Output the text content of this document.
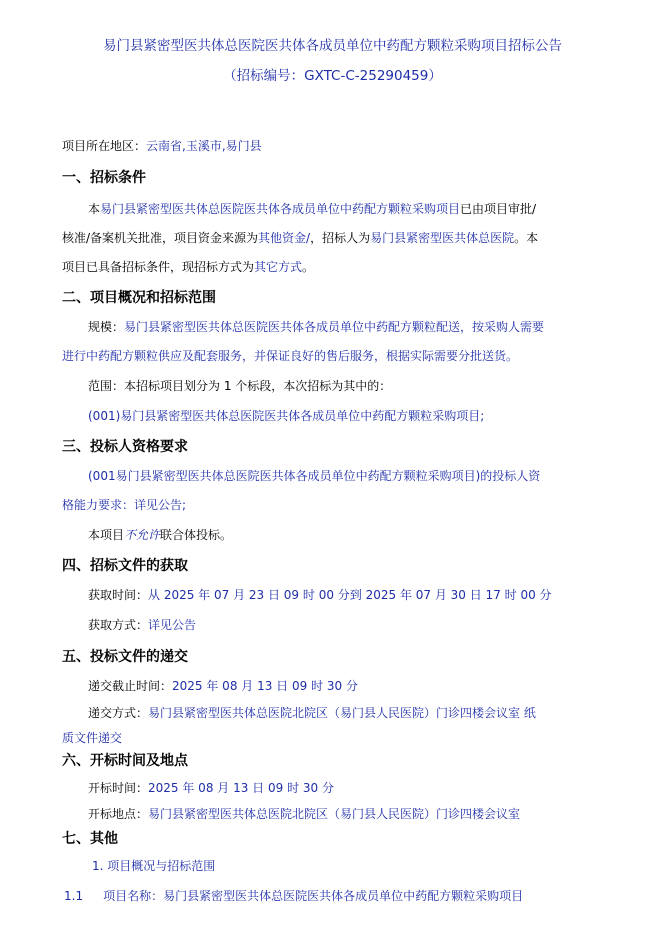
易门县紧密型医共体总医院医共体各成员单位中药配方颗粒采购项目招标公告
（招标编号：GXTC-C-25290459）
项目所在地区：云南省,玉溪市,易门县
一、招标条件
本易门县紧密型医共体总医院医共体各成员单位中药配方颗粒采购项目已由项目审批/
核准/备案机关批准，项目资金来源为其他资金/，招标人为易门县紧密型医共体总医院。本
项目已具备招标条件，现招标方式为其它方式。
二、项目概况和招标范围
规模：易门县紧密型医共体总医院医共体各成员单位中药配方颗粒配送，按采购人需要
进行中药配方颗粒供应及配套服务，并保证良好的售后服务，根据实际需要分批送货。
范围：本招标项目划分为 1 个标段，本次招标为其中的：
(001)易门县紧密型医共体总医院医共体各成员单位中药配方颗粒采购项目;
三、投标人资格要求
(001易门县紧密型医共体总医院医共体各成员单位中药配方颗粒采购项目)的投标人资
格能力要求：详见公告;
本项目不允许联合体投标。
四、招标文件的获取
获取时间：从 2025 年 07 月 23 日 09 时 00 分到 2025 年 07 月 30 日 17 时 00 分
获取方式：详见公告
五、投标文件的递交
递交截止时间：2025 年 08 月 13 日 09 时 30 分
递交方式：易门县紧密型医共体总医院北院区（易门县人民医院）门诊四楼会议室 纸
质文件递交
六、开标时间及地点
开标时间：2025 年 08 月 13 日 09 时 30 分
开标地点：易门县紧密型医共体总医院北院区（易门县人民医院）门诊四楼会议室
七、其他
1. 项目概况与招标范围
1.1 项目名称：易门县紧密型医共体总医院医共体各成员单位中药配方颗粒采购项目
